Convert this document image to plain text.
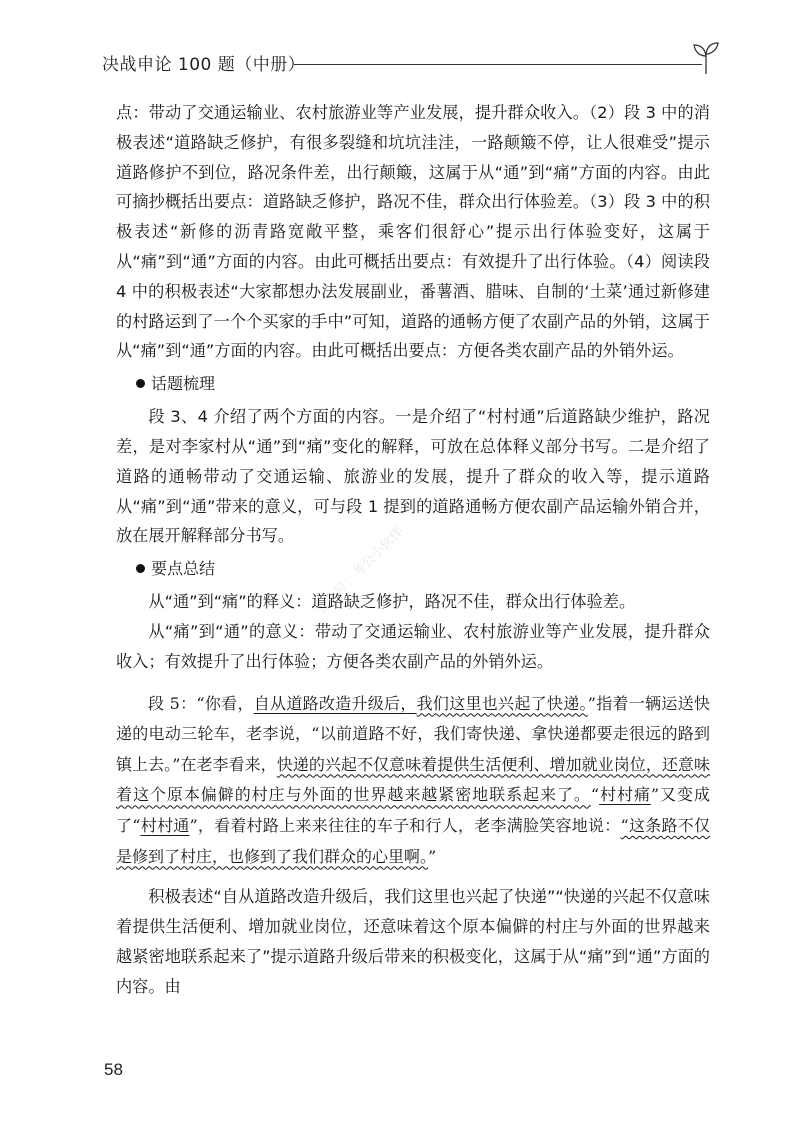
决战申论 100 题（中册）
公众号：考公小伙伴

点：带动了交通运输业、农村旅游业等产业发展，提升群众收入。（2）段 3 中的消极表述“道路缺乏修护，有很多裂缝和坑坑洼洼，一路颠簸不停，让人很难受”提示道路修护不到位，路况条件差，出行颠簸，这属于从“通”到“痛”方面的内容。由此可摘抄概括出要点：道路缺乏修护，路况不佳，群众出行体验差。（3）段 3 中的积极表述“新修的沥青路宽敞平整，乘客们很舒心”提示出行体验变好，这属于从“痛”到“通”方面的内容。由此可概括出要点：有效提升了出行体验。（4）阅读段 4 中的积极表述“大家都想办法发展副业，番薯酒、腊味、自制的‘土菜’通过新修建的村路运到了一个个买家的手中”可知，道路的通畅方便了农副产品的外销，这属于从“痛”到“通”方面的内容。由此可概括出要点：方便各类农副产品的外销外运。

话题梳理

段 3、4 介绍了两个方面的内容。一是介绍了“村村通”后道路缺少维护，路况差，是对李家村从“通”到“痛”变化的解释，可放在总体释义部分书写。二是介绍了道路的通畅带动了交通运输、旅游业的发展，提升了群众的收入等，提示道路从“痛”到“通”带来的意义，可与段 1 提到的道路通畅方便农副产品运输外销合并，放在展开解释部分书写。

要点总结

从“通”到“痛”的释义：道路缺乏修护，路况不佳，群众出行体验差。

从“痛”到“通”的意义：带动了交通运输业、农村旅游业等产业发展，提升群众收入；有效提升了出行体验；方便各类农副产品的外销外运。

段 5：“你看，自从道路改造升级后，我们这里也兴起了快递。”指着一辆运送快递的电动三轮车，老李说，“以前道路不好，我们寄快递、拿快递都要走很远的路到镇上去。”在老李看来，快递的兴起不仅意味着提供生活便利、增加就业岗位，还意味着这个原本偏僻的村庄与外面的世界越来越紧密地联系起来了。“村村痛”又变成了“村村通”，看着村路上来来往往的车子和行人，老李满脸笑容地说：“这条路不仅是修到了村庄，也修到了我们群众的心里啊。”

积极表述“自从道路改造升级后，我们这里也兴起了快递”“快递的兴起不仅意味着提供生活便利、增加就业岗位，还意味着这个原本偏僻的村庄与外面的世界越来越紧密地联系起来了”提示道路升级后带来的积极变化，这属于从“痛”到“通”方面的内容。由

58
